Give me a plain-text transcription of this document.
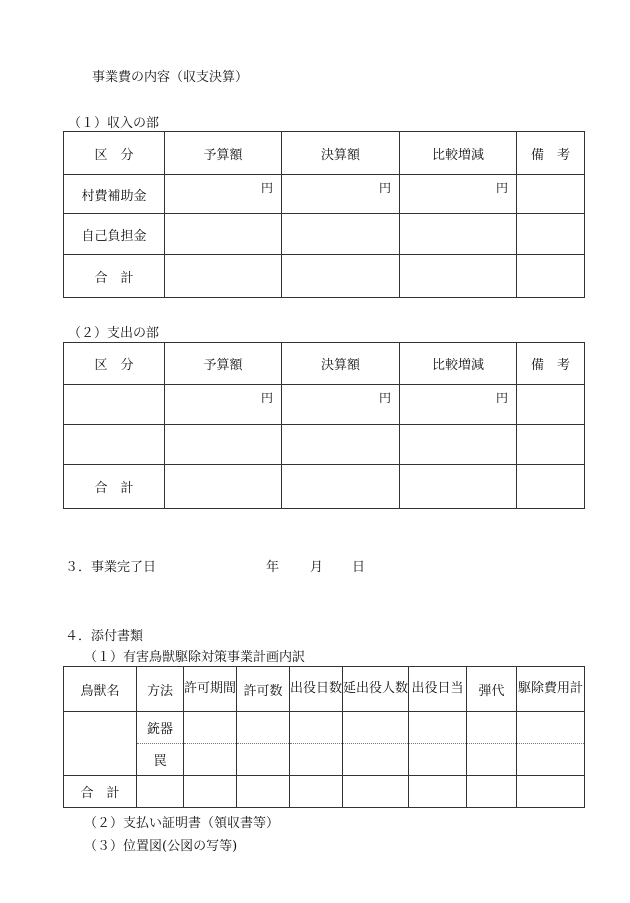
事業費の内容（収支決算）
（１）収入の部
区　分	予算額	決算額	比較増減	備　考
村費補助金	円	円	円	
自己負担金				
合　計				
（２）支出の部
区　分	予算額	決算額	比較増減	備　考
	円	円	円	

合　計				
３．事業完了日	年 月 日
４．添付書類
（１）有害鳥獣駆除対策事業計画内訳
鳥獣名	方法	許可期間	許可数	出役日数	延出役人数	出役日当	弾代	駆除費用計
	銃器							
	罠							
合　計								
（２）支払い証明書（領収書等）
（３）位置図(公図の写等)
